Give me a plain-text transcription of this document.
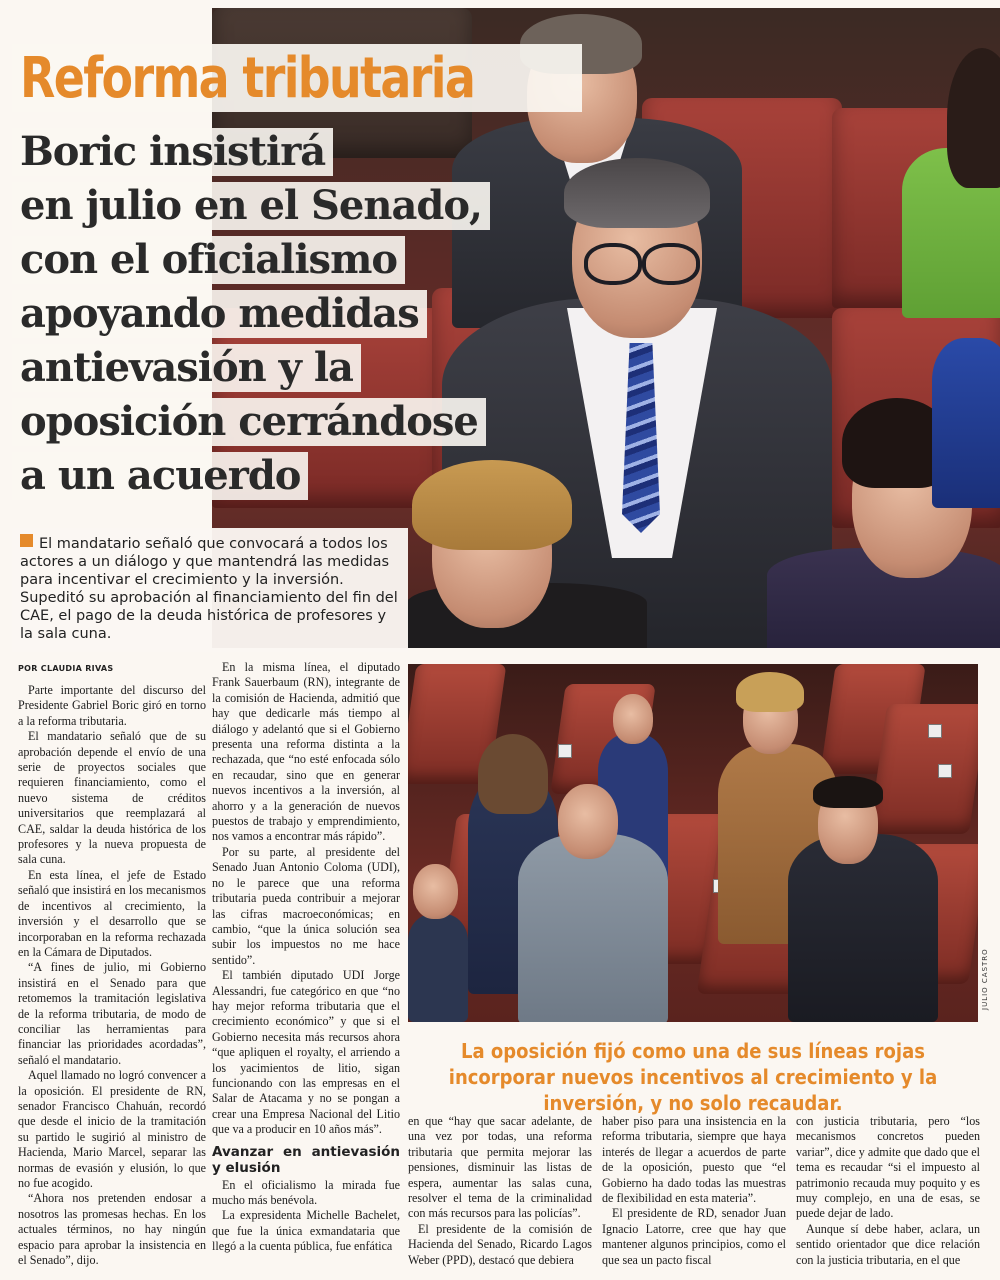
Reforma tributaria
Boric insistirá
en julio en el Senado,
con el oficialismo
apoyando medidas
antievasión y la
oposición cerrándose
a un acuerdo
El mandatario señaló que convocará a todos los actores a un diálogo y que mantendrá las medidas para incentivar el crecimiento y la inversión. Supeditó su aprobación al financiamiento del fin del CAE, el pago de la deuda histórica de profesores y la sala cuna.
JULIO CASTRO
La oposición fijó como una de sus líneas rojas incorporar nuevos incentivos al crecimiento y la inversión, y no solo recaudar.
POR CLAUDIA RIVAS

Parte importante del discurso del Presidente Gabriel Boric giró en torno a la reforma tributaria.

El mandatario señaló que de su aprobación depende el envío de una serie de proyectos sociales que requieren financiamiento, como el nuevo sistema de créditos universitarios que reemplazará al CAE, saldar la deuda histórica de los profesores y la nueva propuesta de sala cuna.

En esta línea, el jefe de Estado señaló que insistirá en los mecanismos de incentivos al crecimiento, la inversión y el desarrollo que se incorporaban en la reforma rechazada en la Cámara de Diputados.

“A fines de julio, mi Gobierno insistirá en el Senado para que retomemos la tramitación legislativa de la reforma tributaria, de modo de conciliar las herramientas para financiar las prioridades acordadas”, señaló el mandatario.

Aquel llamado no logró convencer a la oposición. El presidente de RN, senador Francisco Chahuán, recordó que desde el inicio de la tramitación su partido le sugirió al ministro de Hacienda, Mario Marcel, separar las normas de evasión y elusión, lo que no fue acogido.

“Ahora nos pretenden endosar a nosotros las promesas hechas. En los actuales términos, no hay ningún espacio para aprobar la insistencia en el Senado”, dijo.

En la misma línea, el diputado Frank Sauerbaum (RN), integrante de la comisión de Hacienda, admitió que hay que dedicarle más tiempo al diálogo y adelantó que si el Gobierno presenta una reforma distinta a la rechazada, que “no esté enfocada sólo en recaudar, sino que en generar nuevos incentivos a la inversión, al ahorro y a la generación de nuevos puestos de trabajo y emprendimiento, nos vamos a encontrar más rápido”.

Por su parte, al presidente del Senado Juan Antonio Coloma (UDI), no le parece que una reforma tributaria pueda contribuir a mejorar las cifras macroeconómicas; en cambio, “que la única solución sea subir los impuestos no me hace sentido”.

El también diputado UDI Jorge Alessandri, fue categórico en que “no hay mejor reforma tributaria que el crecimiento económico” y que si el Gobierno necesita más recursos ahora “que apliquen el royalty, el arriendo a los yacimientos de litio, sigan funcionando con las empresas en el Salar de Atacama y no se pongan a crear una Empresa Nacional del Litio que va a producir en 10 años más”.

Avanzar en antievasión y elusión

En el oficialismo la mirada fue mucho más benévola.

La expresidenta Michelle Bachelet, que fue la única exmandataria que llegó a la cuenta pública, fue enfática

en que “hay que sacar adelante, de una vez por todas, una reforma tributaria que permita mejorar las pensiones, disminuir las listas de espera, aumentar las salas cuna, resolver el tema de la criminalidad con más recursos para las policías”.

El presidente de la comisión de Hacienda del Senado, Ricardo Lagos Weber (PPD), destacó que debiera

haber piso para una insistencia en la reforma tributaria, siempre que haya interés de llegar a acuerdos de parte de la oposición, puesto que “el Gobierno ha dado todas las muestras de flexibilidad en esta materia”.

El presidente de RD, senador Juan Ignacio Latorre, cree que hay que mantener algunos principios, como el que sea un pacto fiscal

con justicia tributaria, pero “los mecanismos concretos pueden variar”, dice y admite que dado que el tema es recaudar “si el impuesto al patrimonio recauda muy poquito y es muy complejo, en una de esas, se puede dejar de lado.

Aunque sí debe haber, aclara, un sentido orientador que dice relación con la justicia tributaria, en el que
